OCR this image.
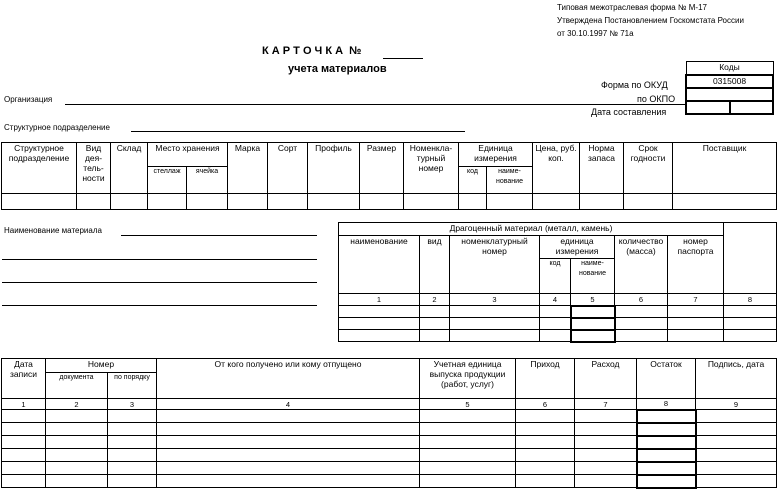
Типовая межотраслевая форма № М-17
Утверждена Постановлением Госкомстата России
от 30.10.1997 № 71а
К А Р Т О Ч К А  №
учета материалов	Коды
0315008

Форма по ОКУД
по ОКПО
Дата составления
Организация
Структурное подразделение
Структурное подразделение	Вид дея-тель-ности	Склад	Место хранения		Марка	Сорт	Профиль	Размер	Номенкла-турный номер	Единица измерения		Цена, руб. коп.	Норма запаса	Срок годности	Поставщик
			стеллаж	ячейка						код	наиме-нование				

Наименование материала	Драгоценный материал (металл, камень)							
наименование	вид	номенклатурный номер	единица измерения		количество (масса)	номер паспорта	
			код	наиме-нование			
1	2	3	4	5	6	7	8

Дата записи	Номер		От кого получено или кому отпущено	Учетная единица выпуска продукции (работ, услуг)	Приход	Расход	Остаток	Подпись, дата
	документа	по порядку						
1	2	3	4	5	6	7	8	9
